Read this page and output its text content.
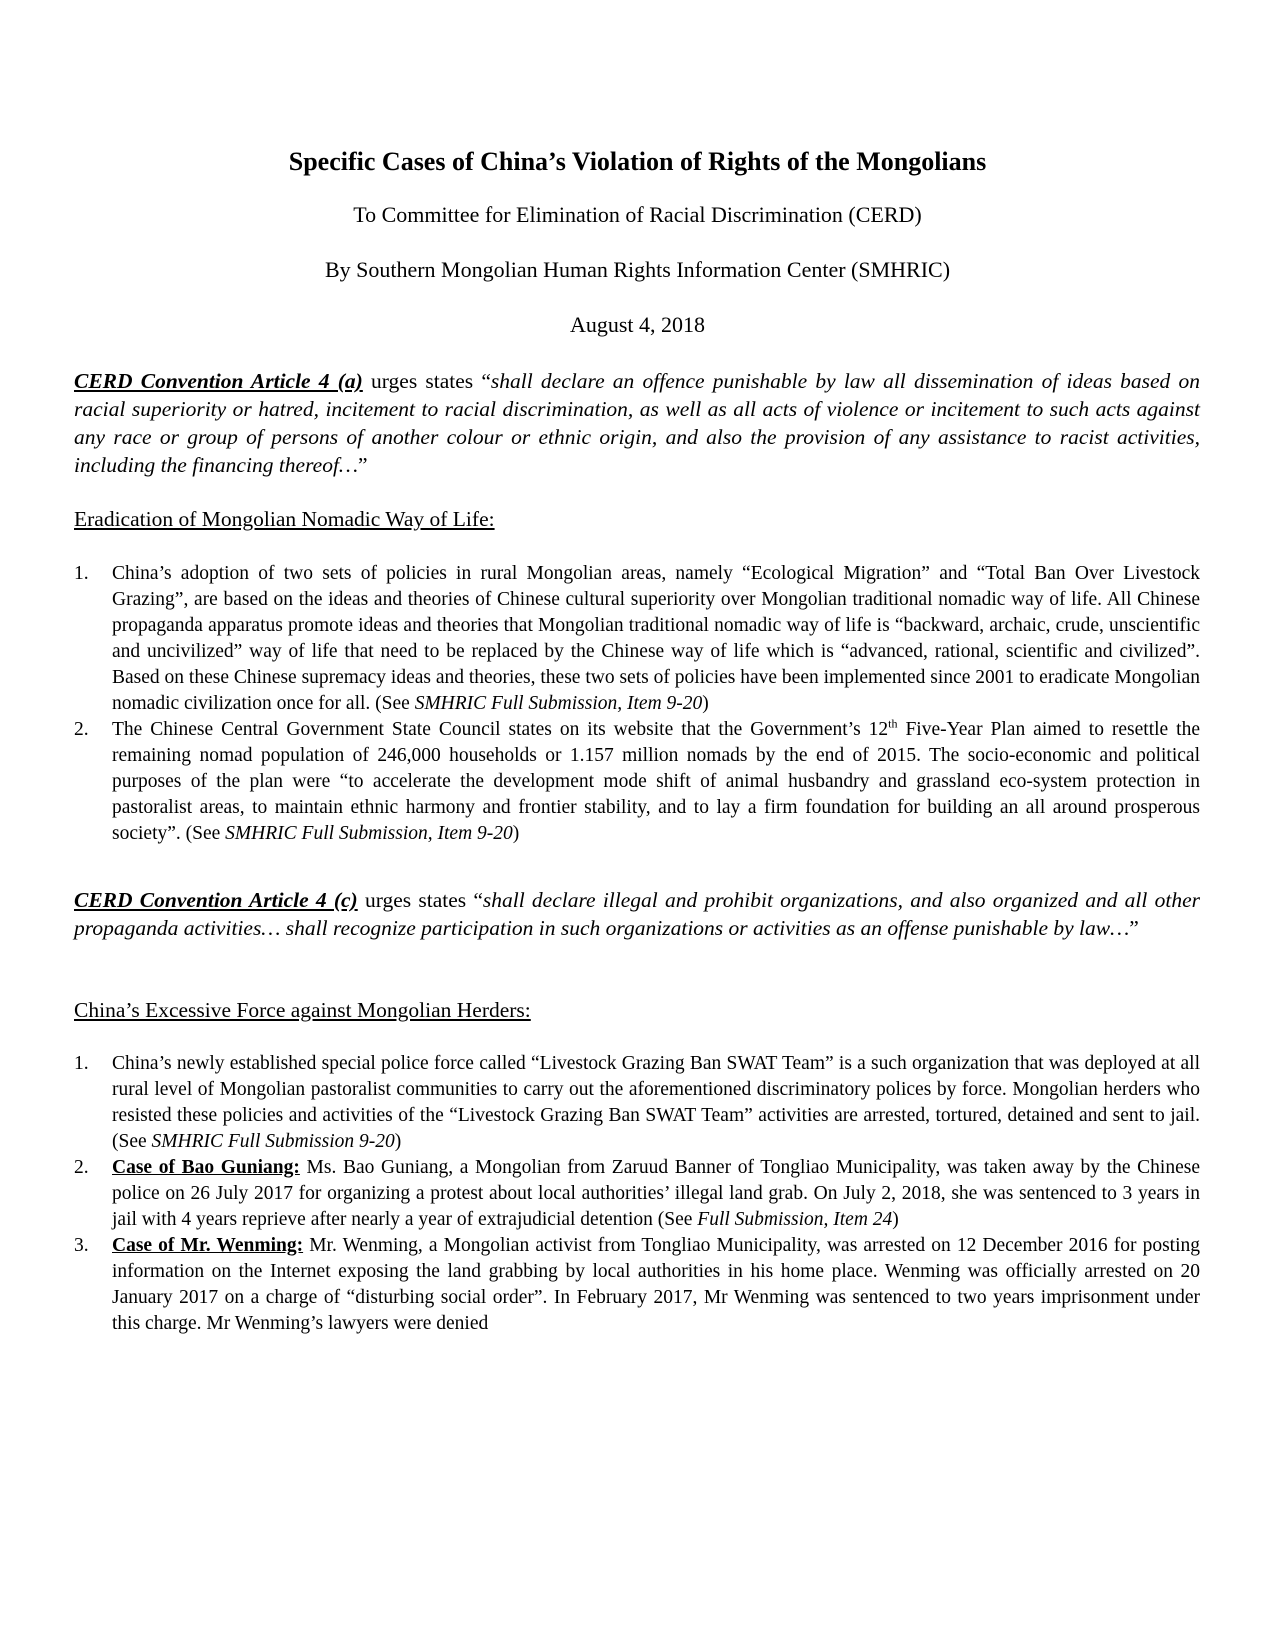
Specific Cases of China’s Violation of Rights of the Mongolians
To Committee for Elimination of Racial Discrimination (CERD)
By Southern Mongolian Human Rights Information Center (SMHRIC)
August 4, 2018
CERD Convention Article 4 (a) urges states “shall declare an offence punishable by law all dissemination of ideas based on racial superiority or hatred, incitement to racial discrimination, as well as all acts of violence or incitement to such acts against any race or group of persons of another colour or ethnic origin, and also the provision of any assistance to racist activities, including the financing thereof…”
Eradication of Mongolian Nomadic Way of Life:
1. China’s adoption of two sets of policies in rural Mongolian areas, namely “Ecological Migration” and “Total Ban Over Livestock Grazing”, are based on the ideas and theories of Chinese cultural superiority over Mongolian traditional nomadic way of life. All Chinese propaganda apparatus promote ideas and theories that Mongolian traditional nomadic way of life is “backward, archaic, crude, unscientific and uncivilized” way of life that need to be replaced by the Chinese way of life which is “advanced, rational, scientific and civilized”. Based on these Chinese supremacy ideas and theories, these two sets of policies have been implemented since 2001 to eradicate Mongolian nomadic civilization once for all. (See SMHRIC Full Submission, Item 9-20)
2. The Chinese Central Government State Council states on its website that the Government’s 12th Five-Year Plan aimed to resettle the remaining nomad population of 246,000 households or 1.157 million nomads by the end of 2015. The socio-economic and political purposes of the plan were “to accelerate the development mode shift of animal husbandry and grassland eco-system protection in pastoralist areas, to maintain ethnic harmony and frontier stability, and to lay a firm foundation for building an all around prosperous society”. (See SMHRIC Full Submission, Item 9-20)
CERD Convention Article 4 (c) urges states “shall declare illegal and prohibit organizations, and also organized and all other propaganda activities… shall recognize participation in such organizations or activities as an offense punishable by law…”
China’s Excessive Force against Mongolian Herders:
1. China’s newly established special police force called “Livestock Grazing Ban SWAT Team” is a such organization that was deployed at all rural level of Mongolian pastoralist communities to carry out the aforementioned discriminatory polices by force. Mongolian herders who resisted these policies and activities of the “Livestock Grazing Ban SWAT Team” activities are arrested, tortured, detained and sent to jail. (See SMHRIC Full Submission 9-20)
2. Case of Bao Guniang: Ms. Bao Guniang, a Mongolian from Zaruud Banner of Tongliao Municipality, was taken away by the Chinese police on 26 July 2017 for organizing a protest about local authorities’ illegal land grab. On July 2, 2018, she was sentenced to 3 years in jail with 4 years reprieve after nearly a year of extrajudicial detention (See Full Submission, Item 24)
3. Case of Mr. Wenming: Mr. Wenming, a Mongolian activist from Tongliao Municipality, was arrested on 12 December 2016 for posting information on the Internet exposing the land grabbing by local authorities in his home place. Wenming was officially arrested on 20 January 2017 on a charge of “disturbing social order”. In February 2017, Mr Wenming was sentenced to two years imprisonment under this charge. Mr Wenming’s lawyers were denied
